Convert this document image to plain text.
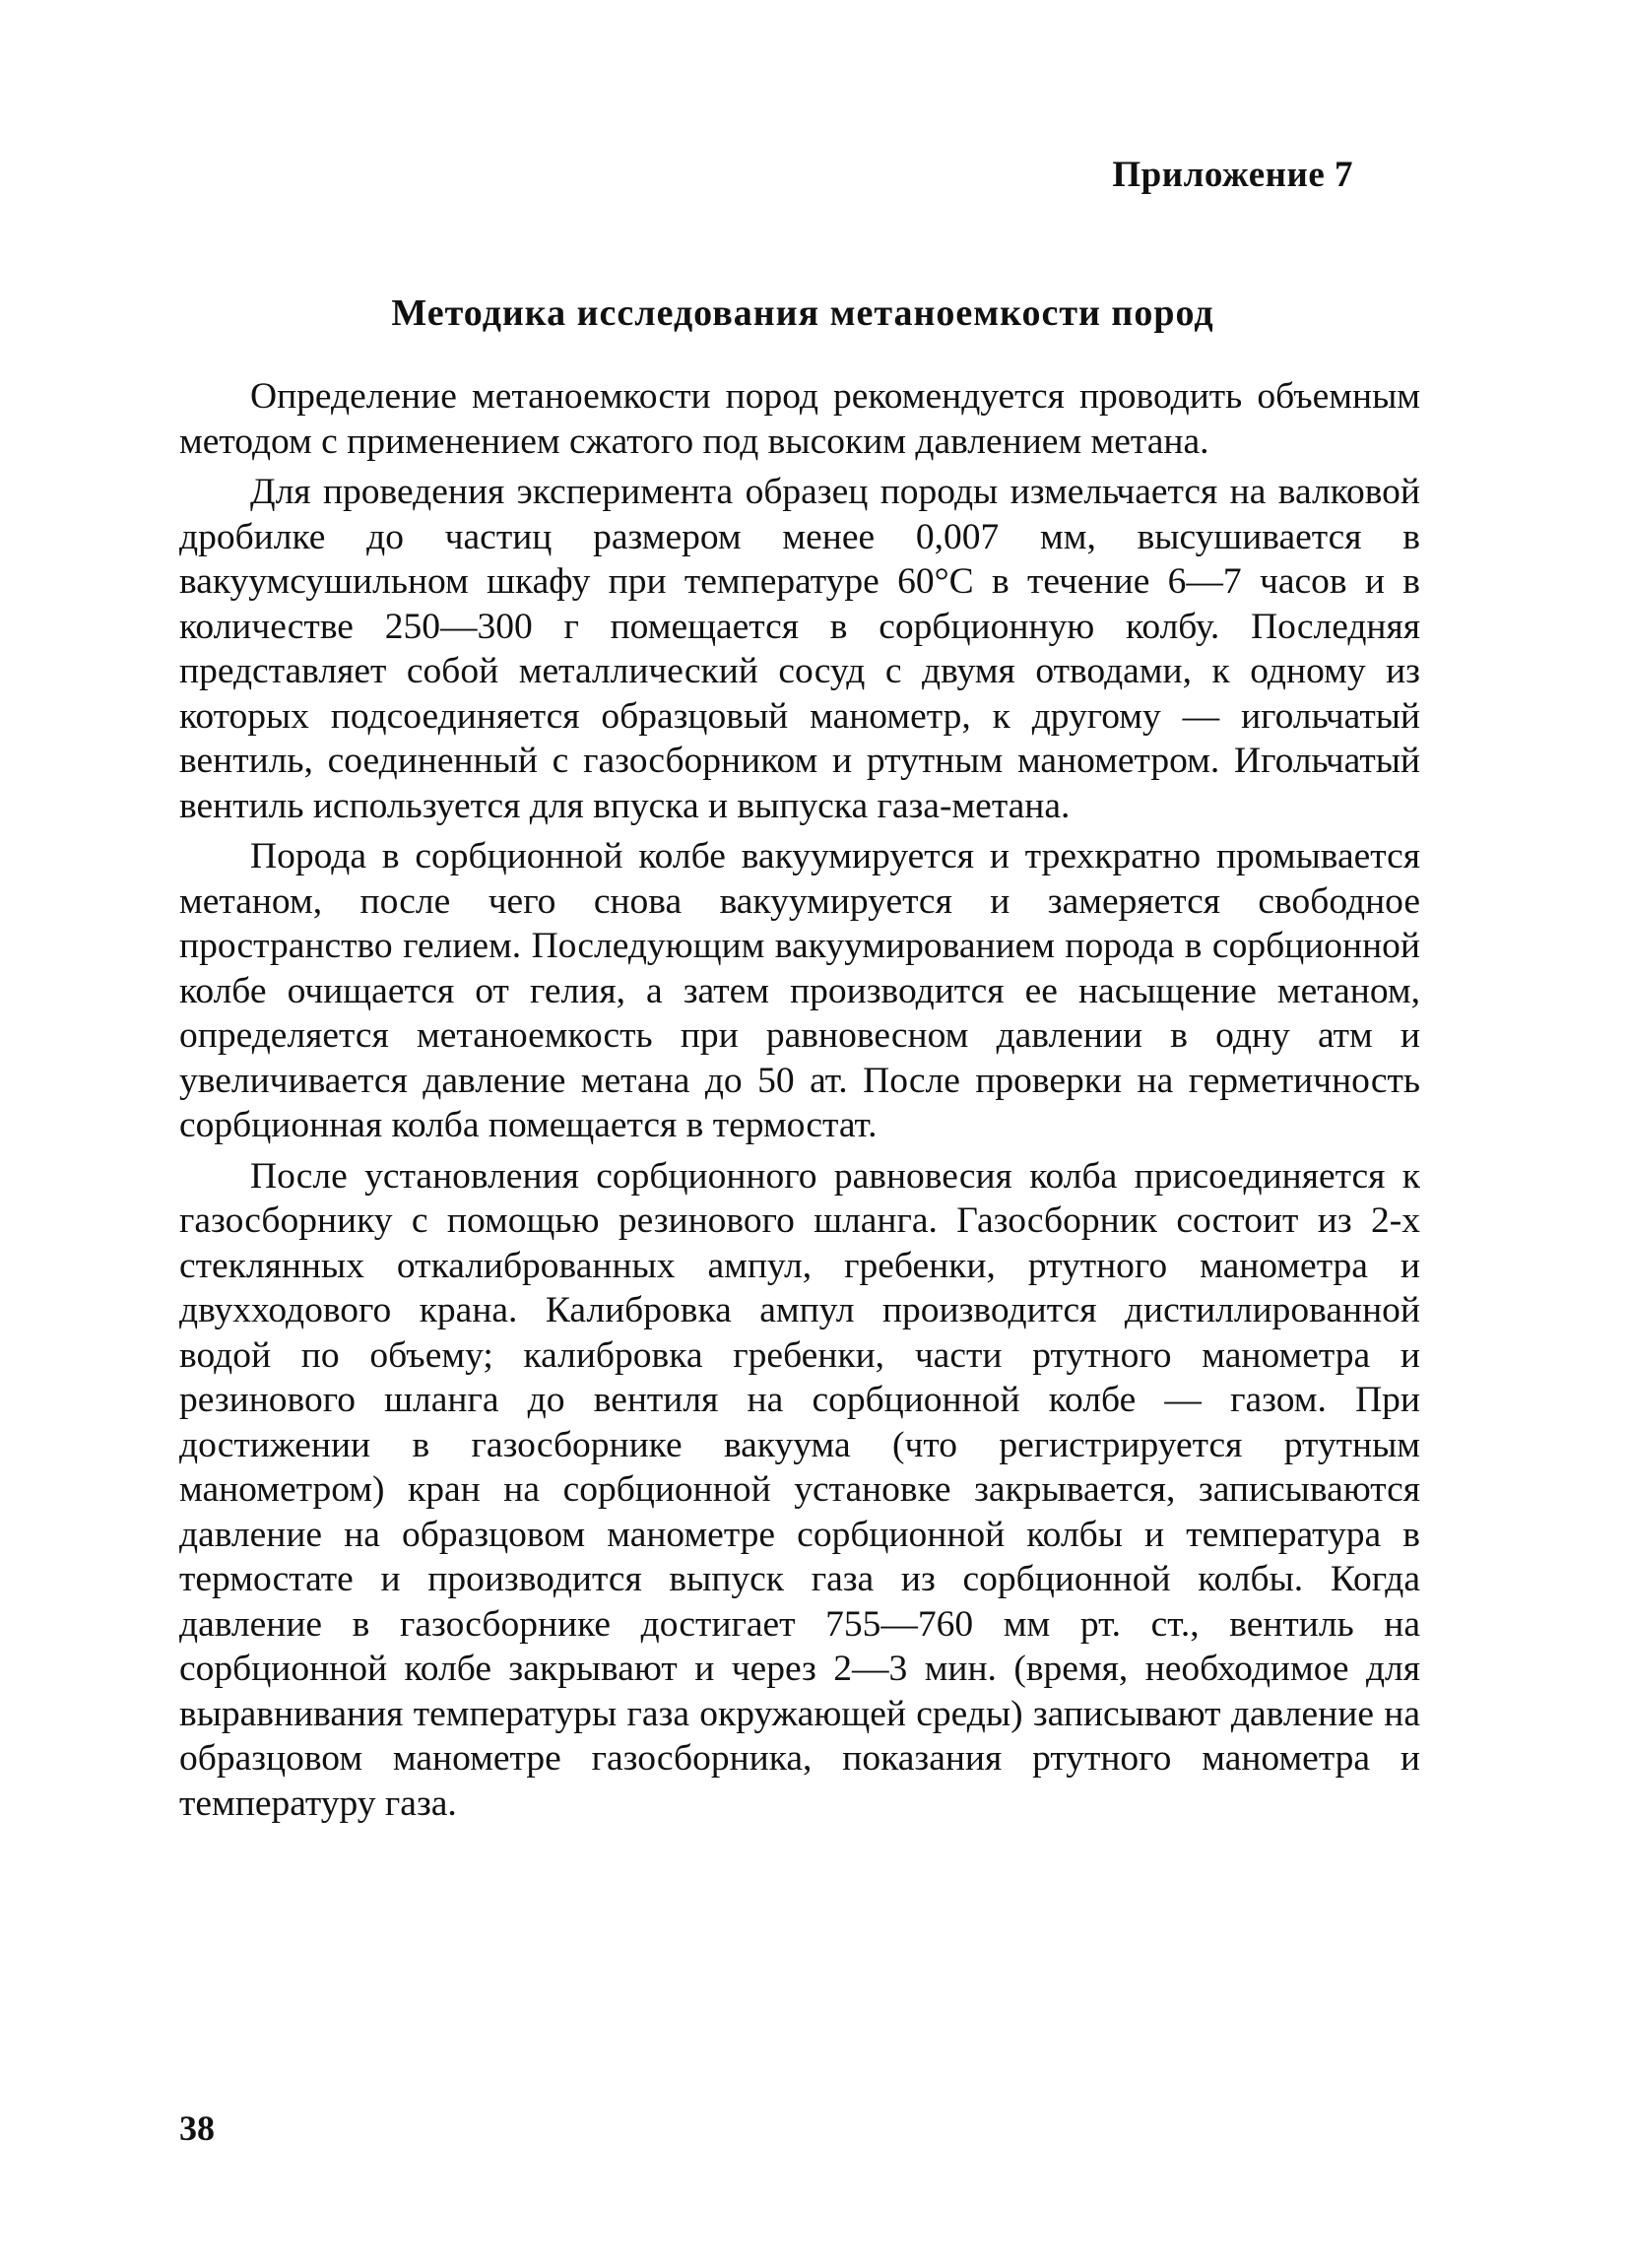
Приложение 7

Методика исследования метаноемкости пород

Определение метаноемкости пород рекомендуется проводить объемным методом с применением сжатого под высоким давлением метана.

Для проведения эксперимента образец породы измельчается на валковой дробилке до частиц размером менее 0,007 мм, высушивается в вакуумсушильном шкафу при температуре 60°С в течение 6—7 часов и в количестве 250—300 г помещается в сорбционную колбу. Последняя представляет собой металлический сосуд с двумя отводами, к одному из которых подсоединяется образцовый манометр, к другому — игольчатый вентиль, соединенный с газосборником и ртутным манометром. Игольчатый вентиль используется для впуска и выпуска газа-метана.

Порода в сорбционной колбе вакуумируется и трехкратно промывается метаном, после чего снова вакуумируется и замеряется свободное пространство гелием. Последующим вакуумированием порода в сорбционной колбе очищается от гелия, а затем производится ее насыщение метаном, определяется метаноемкость при равновесном давлении в одну атм и увеличивается давление метана до 50 ат. После проверки на герметичность сорбционная колба помещается в термостат.

После установления сорбционного равновесия колба присоединяется к газосборнику с помощью резинового шланга. Газосборник состоит из 2-х стеклянных откалиброванных ампул, гребенки, ртутного манометра и двухходового крана. Калибровка ампул производится дистиллированной водой по объему; калибровка гребенки, части ртутного манометра и резинового шланга до вентиля на сорбционной колбе — газом. При достижении в газосборнике вакуума (что регистрируется ртутным манометром) кран на сорбционной установке закрывается, записываются давление на образцовом манометре сорбционной колбы и температура в термостате и производится выпуск газа из сорбционной колбы. Когда давление в газосборнике достигает 755—760 мм рт. ст., вентиль на сорбционной колбе закрывают и через 2—3 мин. (время, необходимое для выравнивания температуры газа окружающей среды) записывают давление на образцовом манометре газосборника, показания ртутного манометра и температуру газа.

38
